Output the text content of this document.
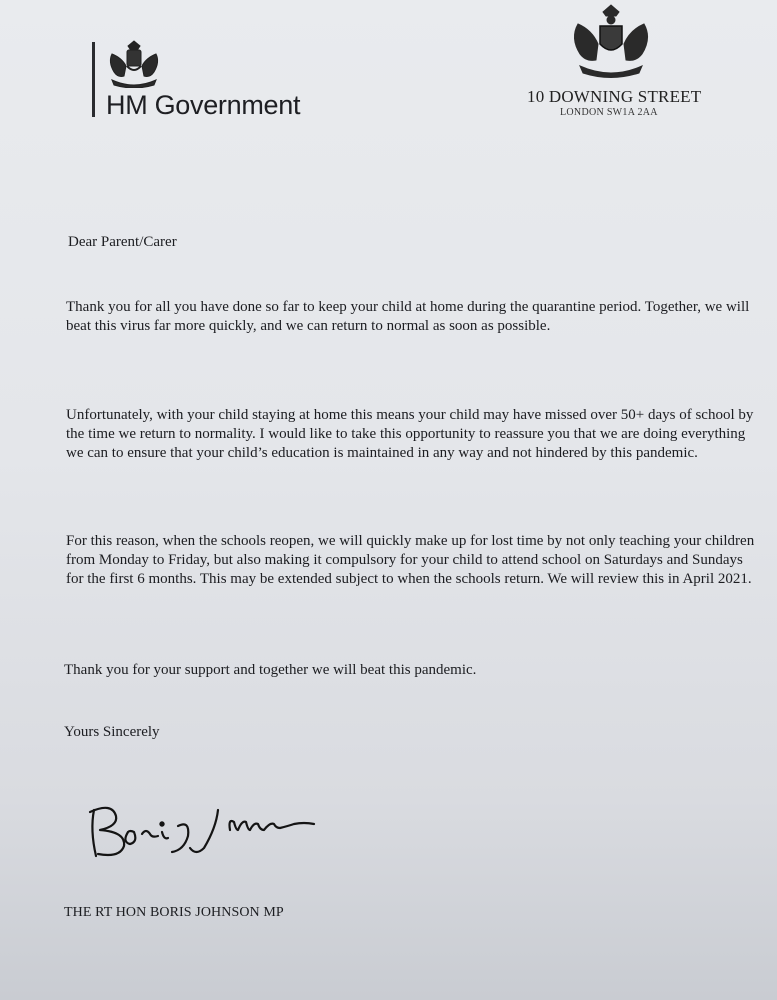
HM Government	10 DOWNING STREET
LONDON SW1A 2AA
Dear Parent/Carer

Thank you for all you have done so far to keep your child at home during the quarantine period. Together, we will beat this virus far more quickly, and we can return to normal as soon as possible.

Unfortunately, with your child staying at home this means your child may have missed over 50+ days of school by the time we return to normality. I would like to take this opportunity to reassure you that we are doing everything we can to ensure that your child’s education is maintained in any way and not hindered by this pandemic.

For this reason, when the schools reopen, we will quickly make up for lost time by not only teaching your children from Monday to Friday, but also making it compulsory for your child to attend school on Saturdays and Sundays for the first 6 months. This may be extended subject to when the schools return. We will review this in April 2021.

Thank you for your support and together we will beat this pandemic.
Yours Sincerely
THE RT HON BORIS JOHNSON MP
